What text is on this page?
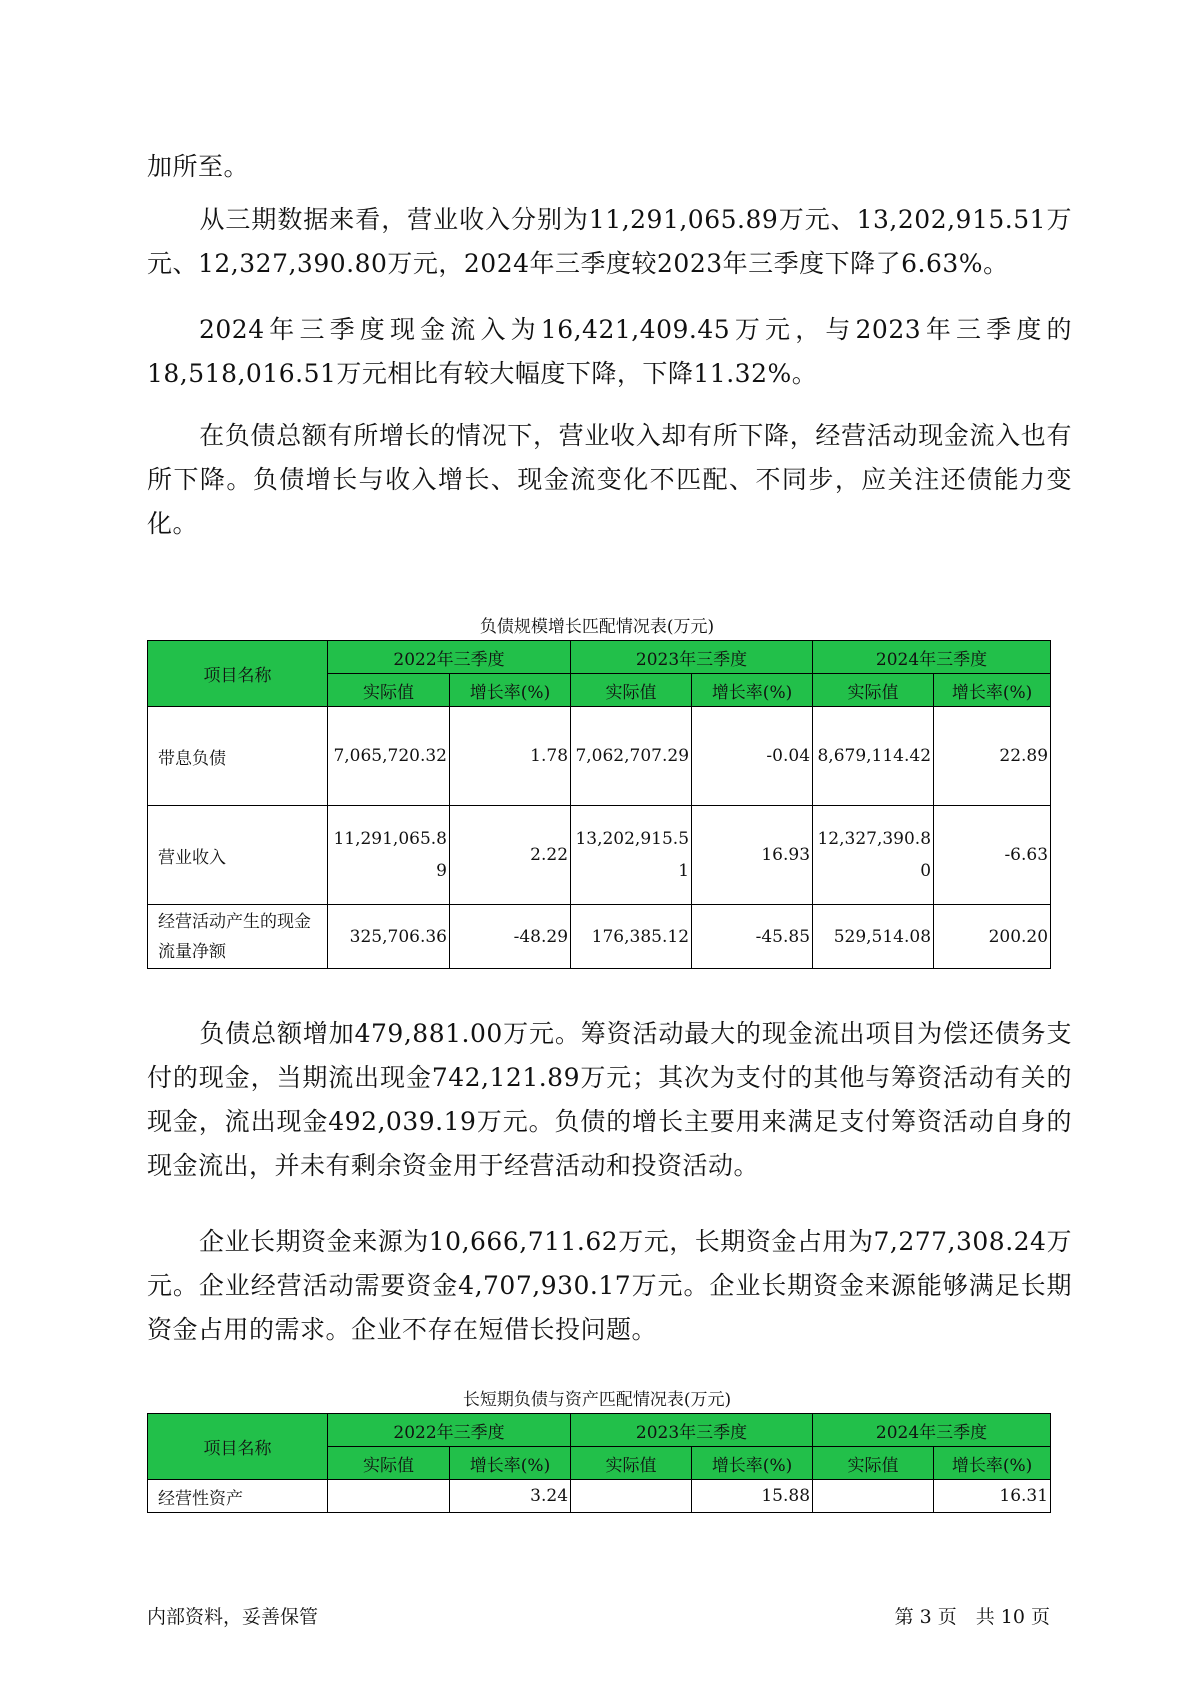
加所至。

从三期数据来看，营业收入分别为11,291,065.89万元、13,202,915.51万元、12,327,390.80万元，2024年三季度较2023年三季度下降了6.63%。

2024年三季度现金流入为16,421,409.45万元，与2023年三季度的18,518,016.51万元相比有较大幅度下降，下降11.32%。

在负债总额有所增长的情况下，营业收入却有所下降，经营活动现金流入也有所下降。负债增长与收入增长、现金流变化不匹配、不同步，应关注还债能力变化。

负债规模增长匹配情况表(万元)

项目名称	2022年三季度		2023年三季度		2024年三季度	
	实际值	增长率(%)	实际值	增长率(%)	实际值	增长率(%)
带息负债	7,065,720.32	1.78	7,062,707.29	-0.04	8,679,114.42	22.89
营业收入	11,291,065.89	2.22	13,202,915.51	16.93	12,327,390.80	-6.63
经营活动产生的现金流量净额	325,706.36	-48.29	176,385.12	-45.85	529,514.08	200.20

负债总额增加479,881.00万元。筹资活动最大的现金流出项目为偿还债务支付的现金，当期流出现金742,121.89万元；其次为支付的其他与筹资活动有关的现金，流出现金492,039.19万元。负债的增长主要用来满足支付筹资活动自身的现金流出，并未有剩余资金用于经营活动和投资活动。

企业长期资金来源为10,666,711.62万元，长期资金占用为7,277,308.24万元。企业经营活动需要资金4,707,930.17万元。企业长期资金来源能够满足长期资金占用的需求。企业不存在短借长投问题。

长短期负债与资产匹配情况表(万元)

项目名称	2022年三季度		2023年三季度		2024年三季度	
	实际值	增长率(%)	实际值	增长率(%)	实际值	增长率(%)
经营性资产		3.24		15.88		16.31
内部资料，妥善保管	第 3 页　共 10 页
